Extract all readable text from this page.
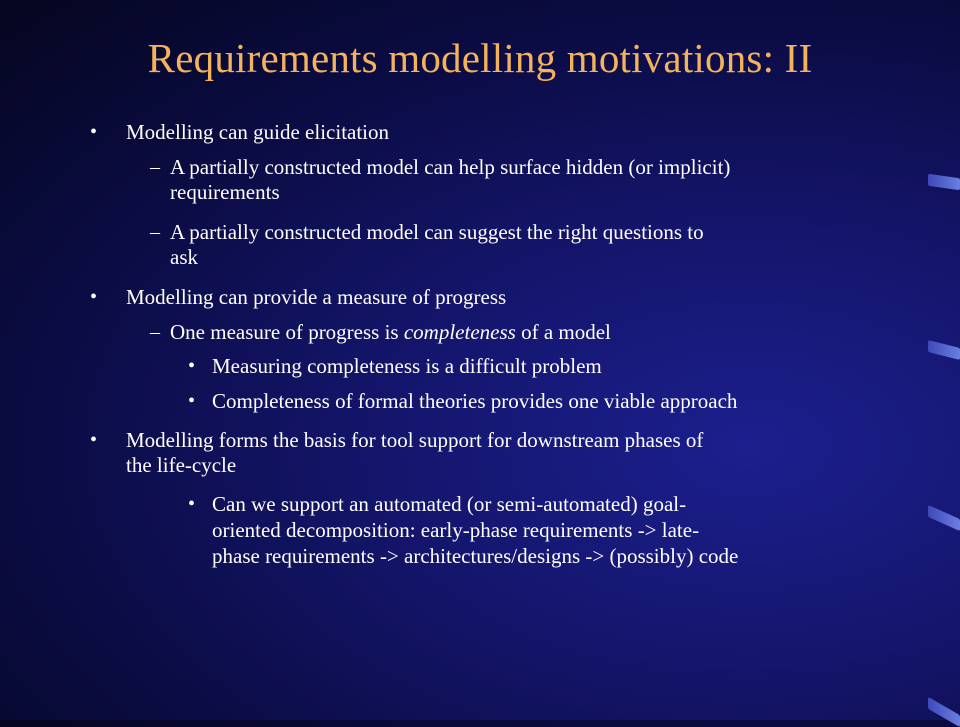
Requirements modelling motivations: II
• Modelling can guide elicitation

– A partially constructed model can help surface hidden (or implicit)

requirements

– A partially constructed model can suggest the right questions to

ask

• Modelling can provide a measure of progress

– One measure of progress is completeness of a model

• Measuring completeness is a difficult problem

• Completeness of formal theories provides one viable approach

• Modelling forms the basis for tool support for downstream phases of

the life-cycle

• Can we support an automated (or semi-automated) goal-

oriented decomposition: early-phase requirements -> late-

phase requirements -> architectures/designs -> (possibly) code
